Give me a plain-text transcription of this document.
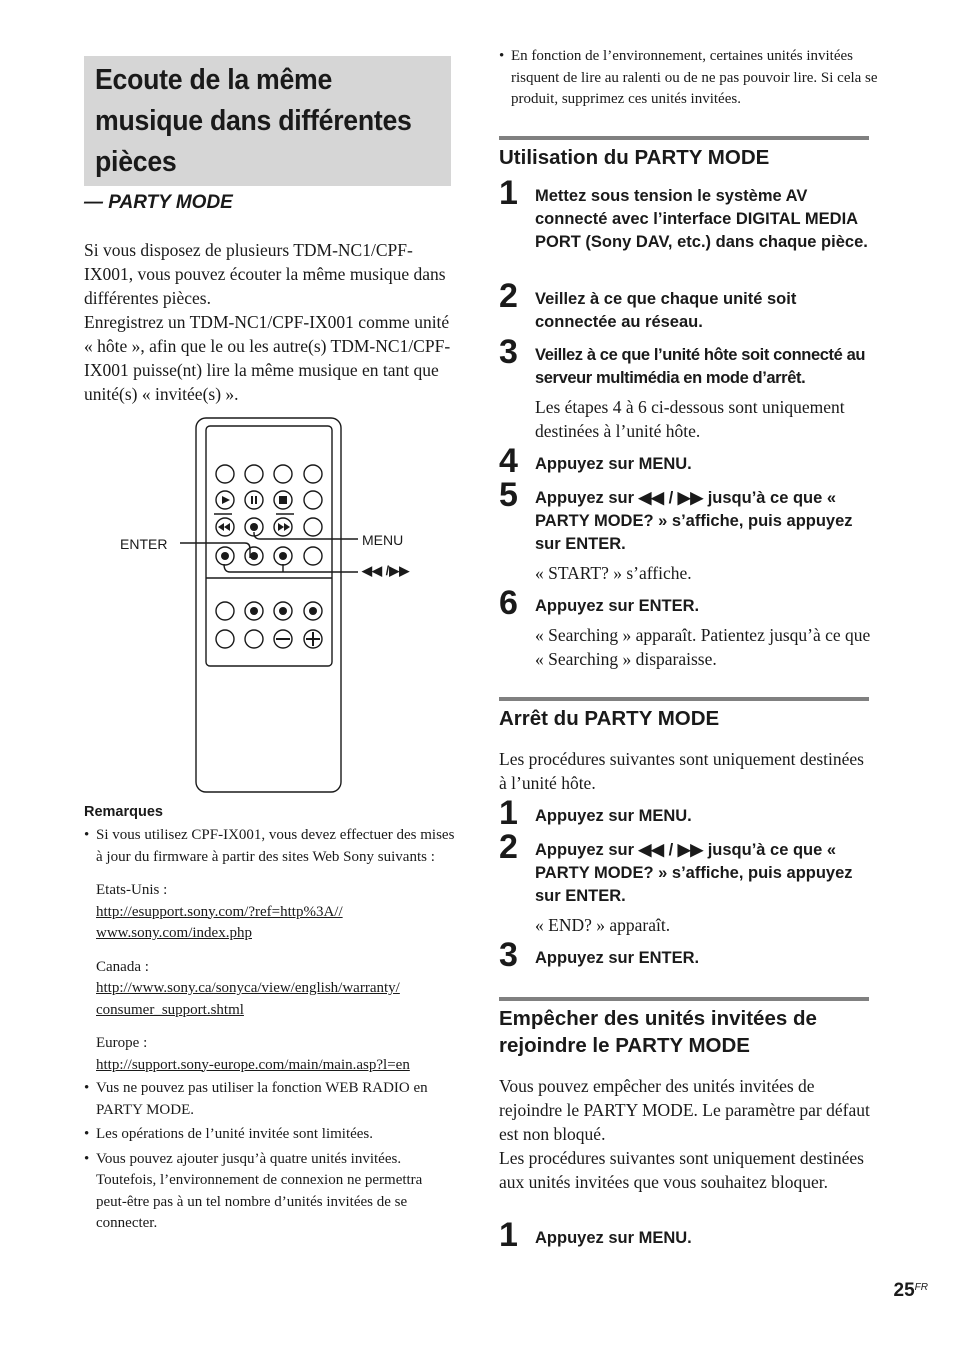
Ecoute de la même
musique dans différentes
pièces
— PARTY MODE

Si vous disposez de plusieurs TDM-NC1/CPF-IX001, vous pouvez écouter la même musique dans différentes pièces.

Enregistrez un TDM-NC1/CPF-IX001 comme unité « hôte », afin que le ou les autre(s) TDM-NC1/CPF-IX001 puisse(nt) lire la même musique en tant que unité(s) « invitée(s) ».

ENTER	MENU
◀◀ /▶▶
Remarques
• Si vous utilisez CPF-IX001, vous devez effectuer des mises à jour du firmware à partir des sites Web Sony suivants :
Etats-Unis :
http://esupport.sony.com/?ref=http%3A//
www.sony.com/index.php
Canada :
http://www.sony.ca/sonyca/view/english/warranty/
consumer_support.shtml
Europe :
http://support.sony-europe.com/main/main.asp?l=en
• Vus ne pouvez pas utiliser la fonction WEB RADIO en PARTY MODE.
• Les opérations de l’unité invitée sont limitées.
• Vous pouvez ajouter jusqu’à quatre unités invitées. Toutefois, l’environnement de connexion ne permettra peut-être pas à un tel nombre d’unités invitées de se connecter.
• En fonction de l’environnement, certaines unités invitées risquent de lire au ralenti ou de ne pas pouvoir lire. Si cela se produit, supprimez ces unités invitées.
Utilisation du PARTY MODE
1 Mettez sous tension le système AV connecté avec l’interface DIGITAL MEDIA PORT (Sony DAV, etc.) dans chaque pièce.
2 Veillez à ce que chaque unité soit connectée au réseau.
3 Veillez à ce que l’unité hôte soit connecté au serveur multimédia en mode d’arrêt.
Les étapes 4 à 6 ci-dessous sont uniquement destinées à l’unité hôte.
4 Appuyez sur MENU.
5 Appuyez sur ◀◀ / ▶▶ jusqu’à ce que « PARTY MODE? » s’affiche, puis appuyez sur ENTER.
« START? » s’affiche.
6 Appuyez sur ENTER.
« Searching » apparaît. Patientez jusqu’à ce que « Searching » disparaisse.
Arrêt du PARTY MODE
Les procédures suivantes sont uniquement destinées à l’unité hôte.
1 Appuyez sur MENU.
2 Appuyez sur ◀◀ / ▶▶ jusqu’à ce que « PARTY MODE? » s’affiche, puis appuyez sur ENTER.
« END? » apparaît.
3 Appuyez sur ENTER.
Empêcher des unités invitées de rejoindre le PARTY MODE
Vous pouvez empêcher des unités invitées de rejoindre le PARTY MODE. Le paramètre par défaut est non bloqué.
Les procédures suivantes sont uniquement destinées aux unités invitées que vous souhaitez bloquer.
1 Appuyez sur MENU.
$25^{FR}$
